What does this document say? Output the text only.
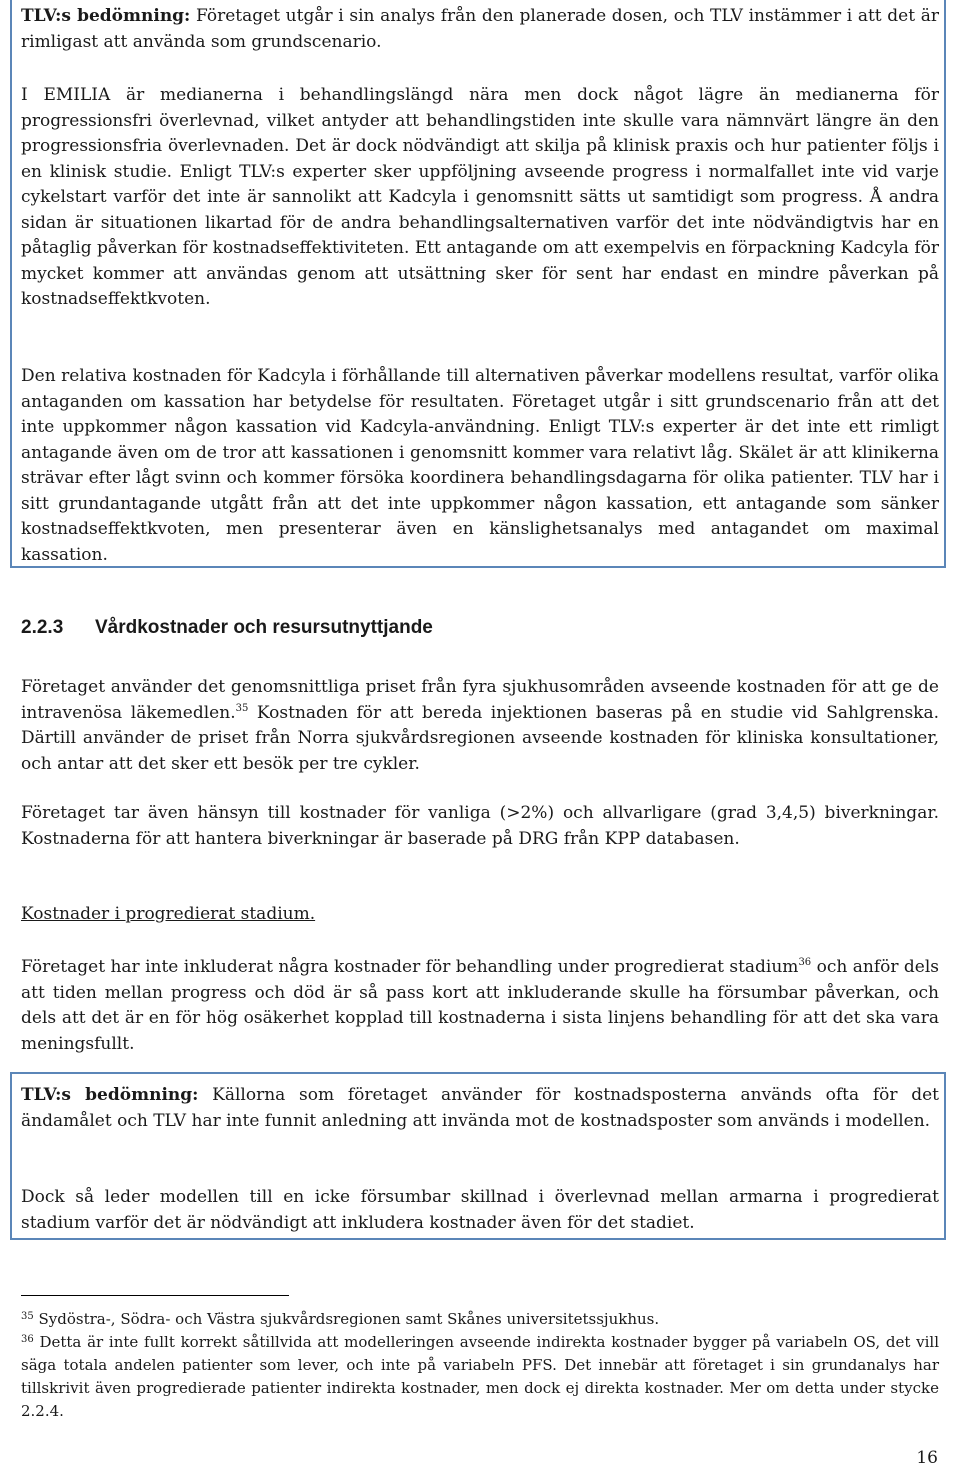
TLV:s bedömning: Företaget utgår i sin analys från den planerade dosen, och TLV instämmer i att det är rimligast att använda som grundscenario.

I EMILIA är medianerna i behandlingslängd nära men dock något lägre än medianerna för progressionsfri överlevnad, vilket antyder att behandlingstiden inte skulle vara nämnvärt längre än den progressionsfria överlevnaden. Det är dock nödvändigt att skilja på klinisk praxis och hur patienter följs i en klinisk studie. Enligt TLV:s experter sker uppföljning avseende progress i normalfallet inte vid varje cykelstart varför det inte är sannolikt att Kadcyla i genomsnitt sätts ut samtidigt som progress. Å andra sidan är situationen likartad för de andra behandlingsalternativen varför det inte nödvändigtvis har en påtaglig påverkan för kostnadseffektiviteten. Ett antagande om att exempelvis en förpackning Kadcyla för mycket kommer att användas genom att utsättning sker för sent har endast en mindre påverkan på kostnadseffektkvoten.

Den relativa kostnaden för Kadcyla i förhållande till alternativen påverkar modellens resultat, varför olika antaganden om kassation har betydelse för resultaten. Företaget utgår i sitt grundscenario från att det inte uppkommer någon kassation vid Kadcyla-användning. Enligt TLV:s experter är det inte ett rimligt antagande även om de tror att kassationen i genomsnitt kommer vara relativt låg. Skälet är att klinikerna strävar efter lågt svinn och kommer försöka koordinera behandlingsdagarna för olika patienter. TLV har i sitt grundantagande utgått från att det inte uppkommer någon kassation, ett antagande som sänker kostnadseffektkvoten, men presenterar även en känslighetsanalys med antagandet om maximal kassation.

2.2.3 Vårdkostnader och resursutnyttjande

Företaget använder det genomsnittliga priset från fyra sjukhusområden avseende kostnaden för att ge de intravenösa läkemedlen.$^{35}$ Kostnaden för att bereda injektionen baseras på en studie vid Sahlgrenska. Därtill använder de priset från Norra sjukvårdsregionen avseende kostnaden för kliniska konsultationer, och antar att det sker ett besök per tre cykler.

Företaget tar även hänsyn till kostnader för vanliga (>2%) och allvarligare (grad 3,4,5) biverkningar. Kostnaderna för att hantera biverkningar är baserade på DRG från KPP databasen.

Kostnader i progredierat stadium.

Företaget har inte inkluderat några kostnader för behandling under progredierat stadium$^{36}$ och anför dels att tiden mellan progress och död är så pass kort att inkluderande skulle ha försumbar påverkan, och dels att det är en för hög osäkerhet kopplad till kostnaderna i sista linjens behandling för att det ska vara meningsfullt.

TLV:s bedömning: Källorna som företaget använder för kostnadsposterna används ofta för det ändamålet och TLV har inte funnit anledning att invända mot de kostnadsposter som används i modellen.

Dock så leder modellen till en icke försumbar skillnad i överlevnad mellan armarna i progredierat stadium varför det är nödvändigt att inkludera kostnader även för det stadiet.

$^{35}$ Sydöstra-, Södra- och Västra sjukvårdsregionen samt Skånes universitetssjukhus.

$^{36}$ Detta är inte fullt korrekt såtillvida att modelleringen avseende indirekta kostnader bygger på variabeln OS, det vill säga totala andelen patienter som lever, och inte på variabeln PFS. Det innebär att företaget i sin grundanalys har tillskrivit även progredierade patienter indirekta kostnader, men dock ej direkta kostnader. Mer om detta under stycke 2.2.4.

16
